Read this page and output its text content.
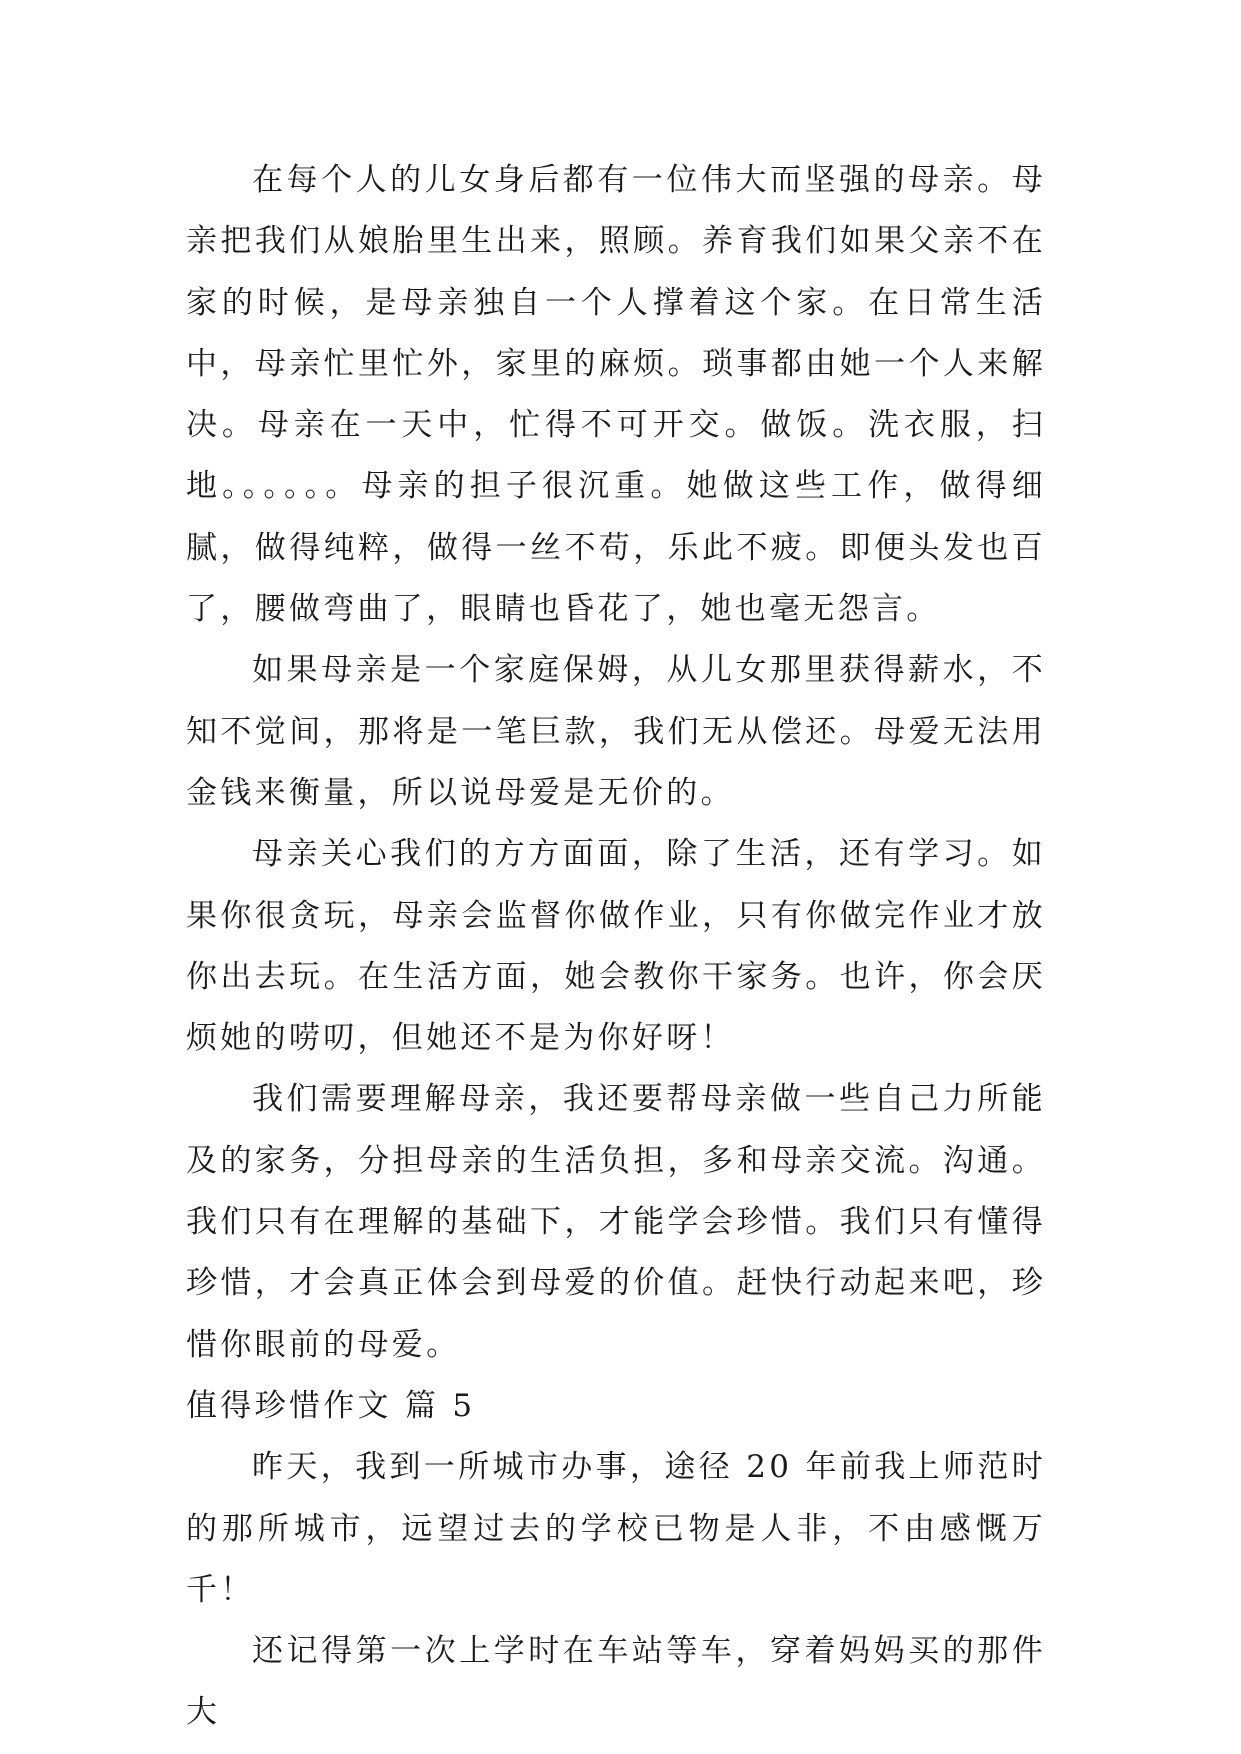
在每个人的儿女身后都有一位伟大而坚强的母亲。母亲把我们从娘胎里生出来，照顾。养育我们如果父亲不在家的时候，是母亲独自一个人撑着这个家。在日常生活中，母亲忙里忙外，家里的麻烦。琐事都由她一个人来解决。母亲在一天中，忙得不可开交。做饭。洗衣服，扫地。。。。。。母亲的担子很沉重。她做这些工作，做得细腻，做得纯粹，做得一丝不苟，乐此不疲。即便头发也百了，腰做弯曲了，眼睛也昏花了，她也毫无怨言。

如果母亲是一个家庭保姆，从儿女那里获得薪水，不知不觉间，那将是一笔巨款，我们无从偿还。母爱无法用金钱来衡量，所以说母爱是无价的。

母亲关心我们的方方面面，除了生活，还有学习。如果你很贪玩，母亲会监督你做作业，只有你做完作业才放你出去玩。在生活方面，她会教你干家务。也许，你会厌烦她的唠叨，但她还不是为你好呀！

我们需要理解母亲，我还要帮母亲做一些自己力所能及的家务，分担母亲的生活负担，多和母亲交流。沟通。我们只有在理解的基础下，才能学会珍惜。我们只有懂得珍惜，才会真正体会到母爱的价值。赶快行动起来吧，珍惜你眼前的母爱。

值得珍惜作文 篇 5

昨天，我到一所城市办事，途径 20 年前我上师范时的那所城市，远望过去的学校已物是人非，不由感慨万千！

还记得第一次上学时在车站等车，穿着妈妈买的那件大
